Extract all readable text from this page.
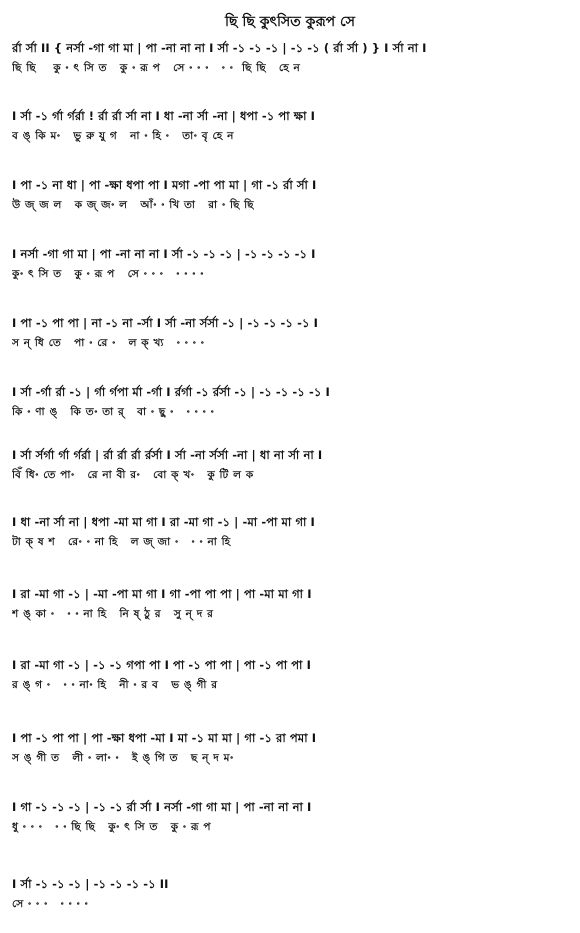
ছি ছি কুৎসিত কুরূপ সে
র্রা র্সা II { নর্সা -গা গা মা | পা -না না না I র্সা -১ -১ -১ | -১ -১ ( র্রা র্সা ) } I র্সা না I
ছি ছি    কু ৽ ৎ সি ত   কু ৽ রূ প   সে ৽ ৽ ৽   ৽ ৽  ছি ছি   হে ন
I র্সা -১ র্গা র্গর্রা ! র্রা র্রা র্সা না I ধা -না র্সা -না | ধপা -১ পা ক্ষা I
ব ঙ্ কি ম৽   ভু রু যু গ   না ৽ হি ৽   তা৽ বৃ হে ন
I পা -১ না ধা | পা -ক্ষা ধপা পা I মগা -পা পা মা | গা -১ র্রা র্সা I
উ জ্ জ ল   ক জ্ জ৽ ল   আঁ৽ ৽ খি তা   রা ৽ ছি ছি
I নর্সা -গা গা মা | পা -না না না I র্সা -১ -১ -১ | -১ -১ -১ -১ I
কু৽ ৎ সি ত   কু ৽ রূ প   সে ৽ ৽ ৽   ৽ ৽ ৽ ৽
I পা -১ পা পা | না -১ না -র্সা I র্সা -না র্সর্সা -১ | -১ -১ -১ -১ I
স ন্ ধি তে   পা ৽ রে ৽   ল ক্ খ্য   ৽ ৽ ৽ ৽
I র্সা -র্গা র্রা -১ | র্গা র্গপা র্মা -র্গা I র্রর্গা -১ র্রর্সা -১ | -১ -১ -১ -১ I
কি ৽ ণা ঙ্   কি ত৽ তা র্   বা ৽ ছু ৽   ৽ ৽ ৽ ৽
I র্সা র্সর্গা র্গা র্গর্রা | র্রা র্রা র্রা র্রর্সা I র্সা -না র্সর্সা -না | ধা না র্সা না I
বিঁ ধি৽ তে পা৽   রে না বী র৽   বো ক্ খ৽   কু টি ল ক
I ধা -না র্সা না | ধপা -মা মা গা I রা -মা গা -১ | -মা -পা মা গা I
টা ক্ ষ শ   রে৽ ৽ না হি   ল জ্ জা ৽   ৽ ৽ না হি
I রা -মা গা -১ | -মা -পা মা গা I গা -পা পা পা | পা -মা মা গা I
শ ঙ্ কা ৽   ৽ ৽ না হি   নি ষ্ ঠু র   সু ন্ দ র
I রা -মা গা -১ | -১ -১ গপা পা I পা -১ পা পা | পা -১ পা পা I
র ঙ্ গ ৽   ৽ ৽ না৽ হি   নী ৽ র ব   ভ ঙ্ গী র
I পা -১ পা পা | পা -ক্ষা ধপা -মা I মা -১ মা মা | গা -১ রা পমা I
স ঙ্ গী ত   লী ৽ লা৽ ৽   ই ঙ্ গি ত   ছ ন্ দ ম৽
I গা -১ -১ -১ | -১ -১ র্রা র্সা I নর্সা -গা গা মা | পা -না না না I
ধু ৽ ৽ ৽   ৽ ৽ ছি ছি   কু৽ ৎ সি ত   কু ৽ রূ প
I র্সা -১ -১ -১ | -১ -১ -১ -১ II
সে ৽ ৽ ৽   ৽ ৽ ৽ ৽
